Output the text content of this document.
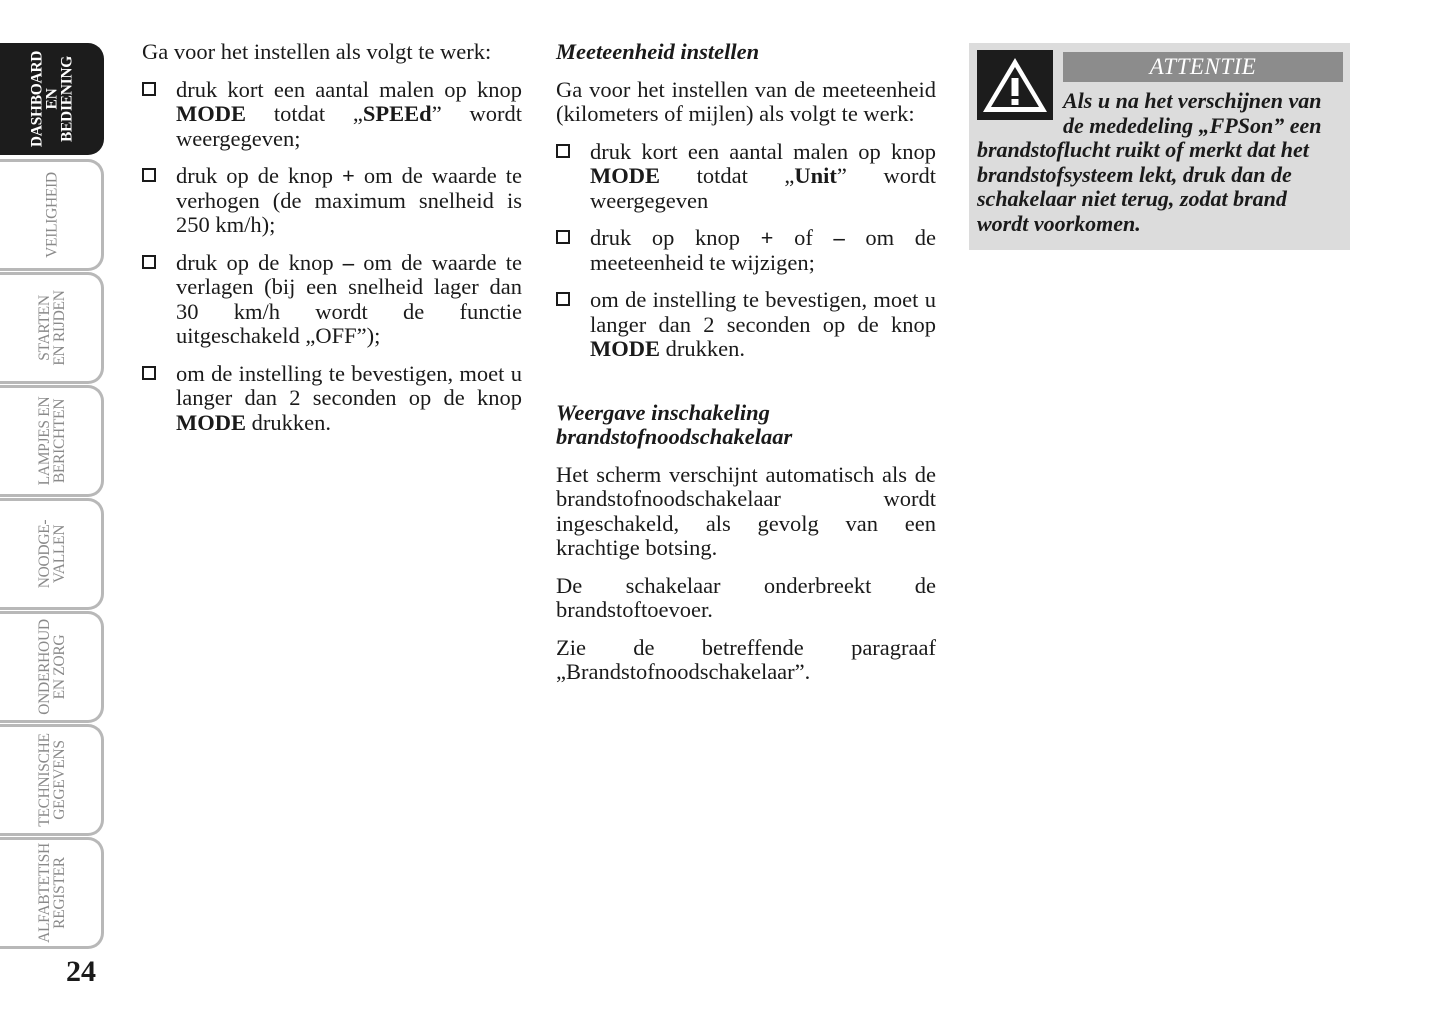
DASHBOARD
EN
BEDIENING
VEILIGHEID
STARTEN
EN RIJDEN
LAMPJES EN
BERICHTEN
NOODGE-
VALLEN
ONDERHOUD
EN ZORG
TECHNISCHE
GEGEVENS
ALFABTETISH
REGISTER
24

Ga voor het instellen als volgt te werk:

druk kort een aantal malen op knop MODE totdat „SPEEd” wordt weergegeven;
druk op de knop + om de waarde te verhogen (de maximum snelheid is 250 km/h);
druk op de knop – om de waarde te verlagen (bij een snelheid lager dan 30 km/h wordt de functie uitgeschakeld „OFF”);
om de instelling te bevestigen, moet u langer dan 2 seconden op de knop MODE drukken.

Meeteenheid instellen

Ga voor het instellen van de meeteenheid (kilometers of mijlen) als volgt te werk:

druk kort een aantal malen op knop MODE totdat „Unit” wordt weergegeven
druk op knop + of – om de meeteenheid te wijzigen;
om de instelling te bevestigen, moet u langer dan 2 seconden op de knop MODE drukken.

Weergave inschakeling brandstofnoodschakelaar

Het scherm verschijnt automatisch als de brandstofnoodschakelaar wordt ingeschakeld, als gevolg van een krachtige botsing.

De schakelaar onderbreekt de brandstoftoevoer.

Zie de betreffende paragraaf „Brandstofnoodschakelaar”.

ATTENTIE
Als u na het verschijnen van de mededeling „FPSon” een brandstoflucht ruikt of merkt dat het brandstofsysteem lekt, druk dan de schakelaar niet terug, zodat brand wordt voorkomen.
